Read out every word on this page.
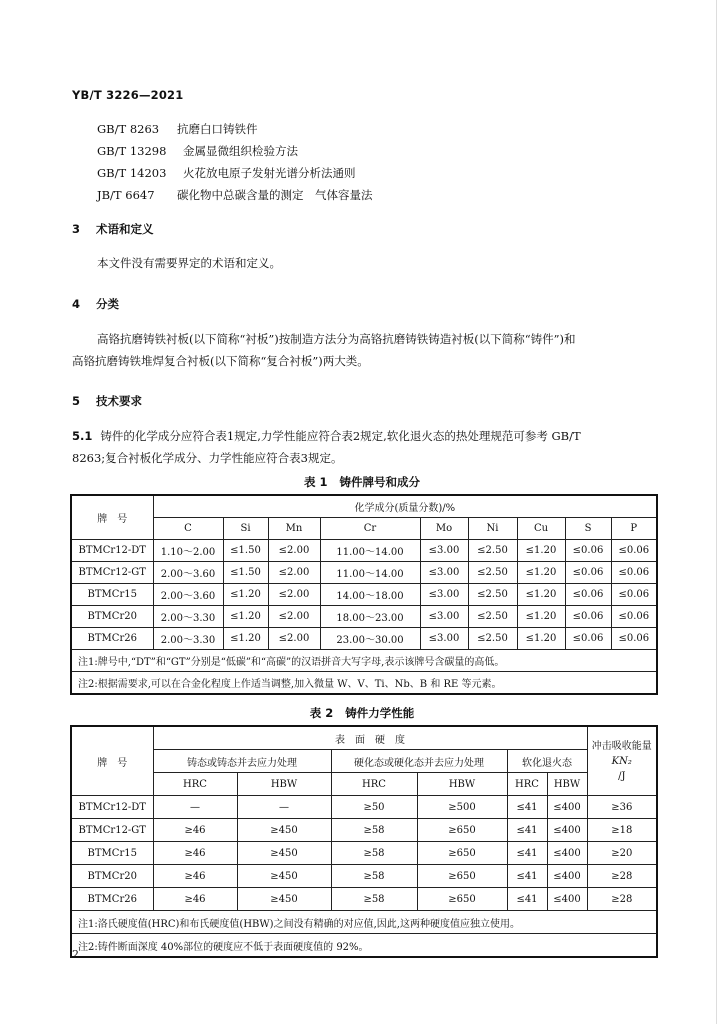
YB/T 3226—2021
GB/T 8263 抗磨白口铸铁件
GB/T 13298 金属显微组织检验方法
GB/T 14203 火花放电原子发射光谱分析法通则
JB/T 6647 碳化物中总碳含量的测定　气体容量法
3 术语和定义
本文件没有需要界定的术语和定义。
4 分类
高铬抗磨铸铁衬板(以下简称“衬板”)按制造方法分为高铬抗磨铸铁铸造衬板(以下简称“铸件”)和
高铬抗磨铸铁堆焊复合衬板(以下简称“复合衬板”)两大类。
5 技术要求
5.1 铸件的化学成分应符合表1规定,力学性能应符合表2规定,软化退火态的热处理规范可参考 GB/T
8263;复合衬板化学成分、力学性能应符合表3规定。
表 1 铸件牌号和成分
牌　号	化学成分(质量分数)/%								
	C	Si	Mn	Cr	Mo	Ni	Cu	S	P
BTMCr12-DT	1.10～2.00	≤1.50	≤2.00	11.00～14.00	≤3.00	≤2.50	≤1.20	≤0.06	≤0.06
BTMCr12-GT	2.00～3.60	≤1.50	≤2.00	11.00～14.00	≤3.00	≤2.50	≤1.20	≤0.06	≤0.06
BTMCr15	2.00～3.60	≤1.20	≤2.00	14.00～18.00	≤3.00	≤2.50	≤1.20	≤0.06	≤0.06
BTMCr20	2.00～3.30	≤1.20	≤2.00	18.00～23.00	≤3.00	≤2.50	≤1.20	≤0.06	≤0.06
BTMCr26	2.00～3.30	≤1.20	≤2.00	23.00～30.00	≤3.00	≤2.50	≤1.20	≤0.06	≤0.06
注1:牌号中,“DT”和“GT”分别是“低碳”和“高碳”的汉语拼音大写字母,表示该牌号含碳量的高低。									
注2:根据需要求,可以在合金化程度上作适当调整,加入微量 W、V、Ti、Nb、B 和 RE 等元素。									
表 2 铸件力学性能
牌　号	表　面　硬　度						冲击吸收能量
KN₂
/J

	铸态或铸态并去应力处理		硬化态或硬化态并去应力处理		软化退火态		
	HRC	HBW	HRC	HBW	HRC	HBW	
BTMCr12-DT	—	—	≥50	≥500	≤41	≤400	≥36
BTMCr12-GT	≥46	≥450	≥58	≥650	≤41	≤400	≥18
BTMCr15	≥46	≥450	≥58	≥650	≤41	≤400	≥20
BTMCr20	≥46	≥450	≥58	≥650	≤41	≤400	≥28
BTMCr26	≥46	≥450	≥58	≥650	≤41	≤400	≥28
注1:洛氏硬度值(HRC)和布氏硬度值(HBW)之间没有精确的对应值,因此,这两种硬度值应独立使用。							
注2:铸件断面深度 40%部位的硬度应不低于表面硬度值的 92%。							
2
